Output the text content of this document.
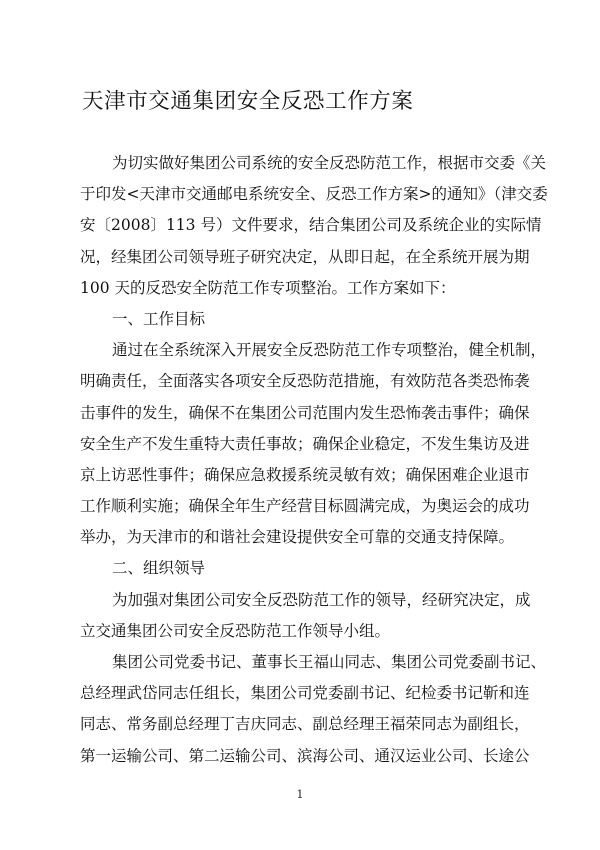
天津市交通集团安全反恐工作方案
为切实做好集团公司系统的安全反恐防范工作，根据市交委《关
于印发<天津市交通邮电系统安全、反恐工作方案>的通知》（津交委
安〔2008〕113 号）文件要求，结合集团公司及系统企业的实际情
况，经集团公司领导班子研究决定，从即日起，在全系统开展为期
100 天的反恐安全防范工作专项整治。工作方案如下：
一、工作目标
通过在全系统深入开展安全反恐防范工作专项整治，健全机制，
明确责任，全面落实各项安全反恐防范措施，有效防范各类恐怖袭
击事件的发生，确保不在集团公司范围内发生恐怖袭击事件；确保
安全生产不发生重特大责任事故；确保企业稳定，不发生集访及进
京上访恶性事件；确保应急救援系统灵敏有效；确保困难企业退市
工作顺利实施；确保全年生产经营目标圆满完成，为奥运会的成功
举办，为天津市的和谐社会建设提供安全可靠的交通支持保障。
二、组织领导
为加强对集团公司安全反恐防范工作的领导，经研究决定，成
立交通集团公司安全反恐防范工作领导小组。
集团公司党委书记、董事长王福山同志、集团公司党委副书记、
总经理武岱同志任组长，集团公司党委副书记、纪检委书记靳和连
同志、常务副总经理丁吉庆同志、副总经理王福荣同志为副组长，
第一运输公司、第二运输公司、滨海公司、通汉运业公司、长途公
1
